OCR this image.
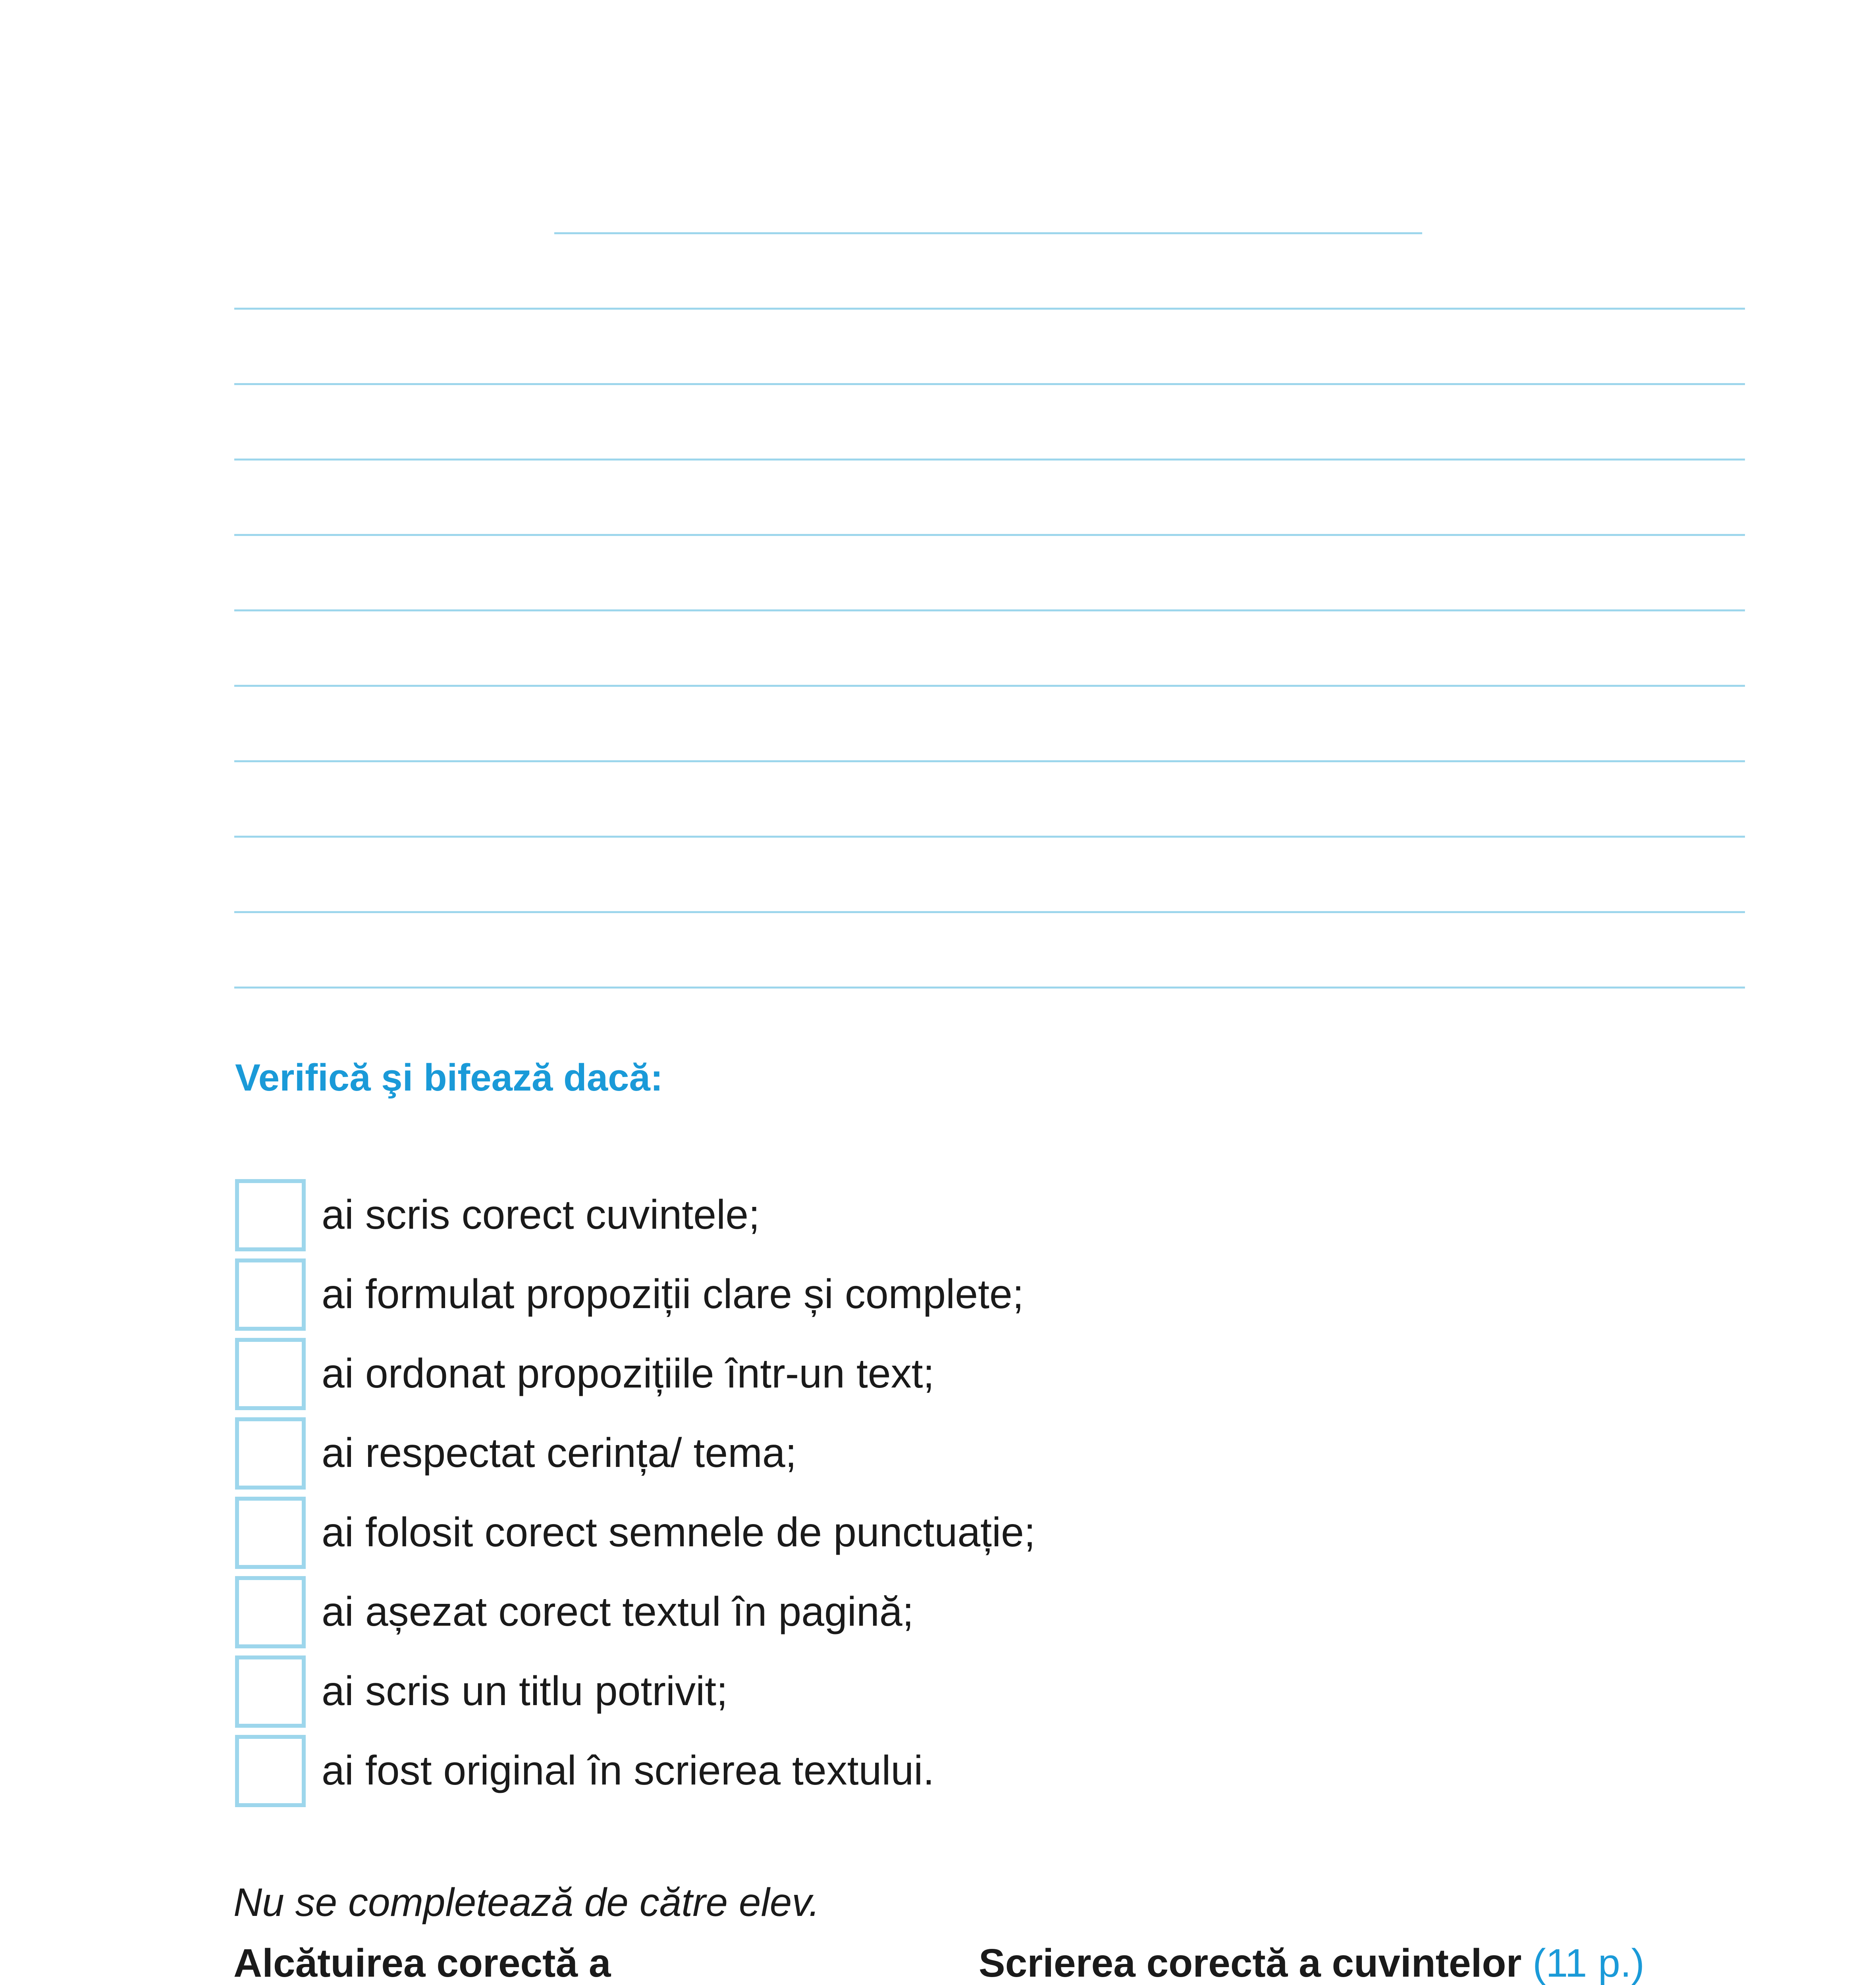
Verifică şi bifează dacă:
ai scris corect cuvintele;
ai formulat propoziții clare și complete;
ai ordonat propozițiile într-un text;
ai respectat cerința/ tema;
ai folosit corect semnele de punctuație;
ai așezat corect textul în pagină;
ai scris un titlu potrivit;
ai fost original în scrierea textului.
Nu se completează de către elev.
Alcătuirea corectă a	Scrierea corectă a cuvintelor (11 p.)
